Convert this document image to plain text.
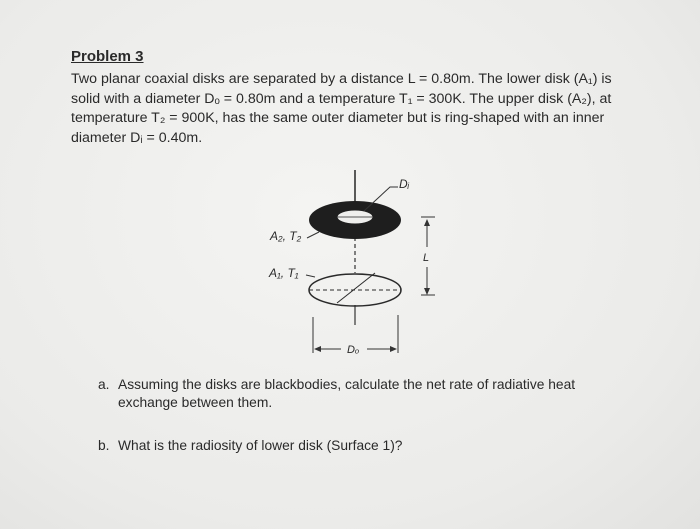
Problem 3
Two planar coaxial disks are separated by a distance L = 0.80m. The lower disk (A₁) is
solid with a diameter Dₒ = 0.80m and a temperature T₁ = 300K. The upper disk (A₂), at
temperature T₂ = 900K, has the same outer diameter but is ring-shaped with an inner
diameter Dᵢ = 0.40m.
Dᵢ
A₂, T₂
A₁, T₁
L
Dₒ
a. Assuming the disks are blackbodies, calculate the net rate of radiative heat exchange between them.
b. What is the radiosity of lower disk (Surface 1)?
